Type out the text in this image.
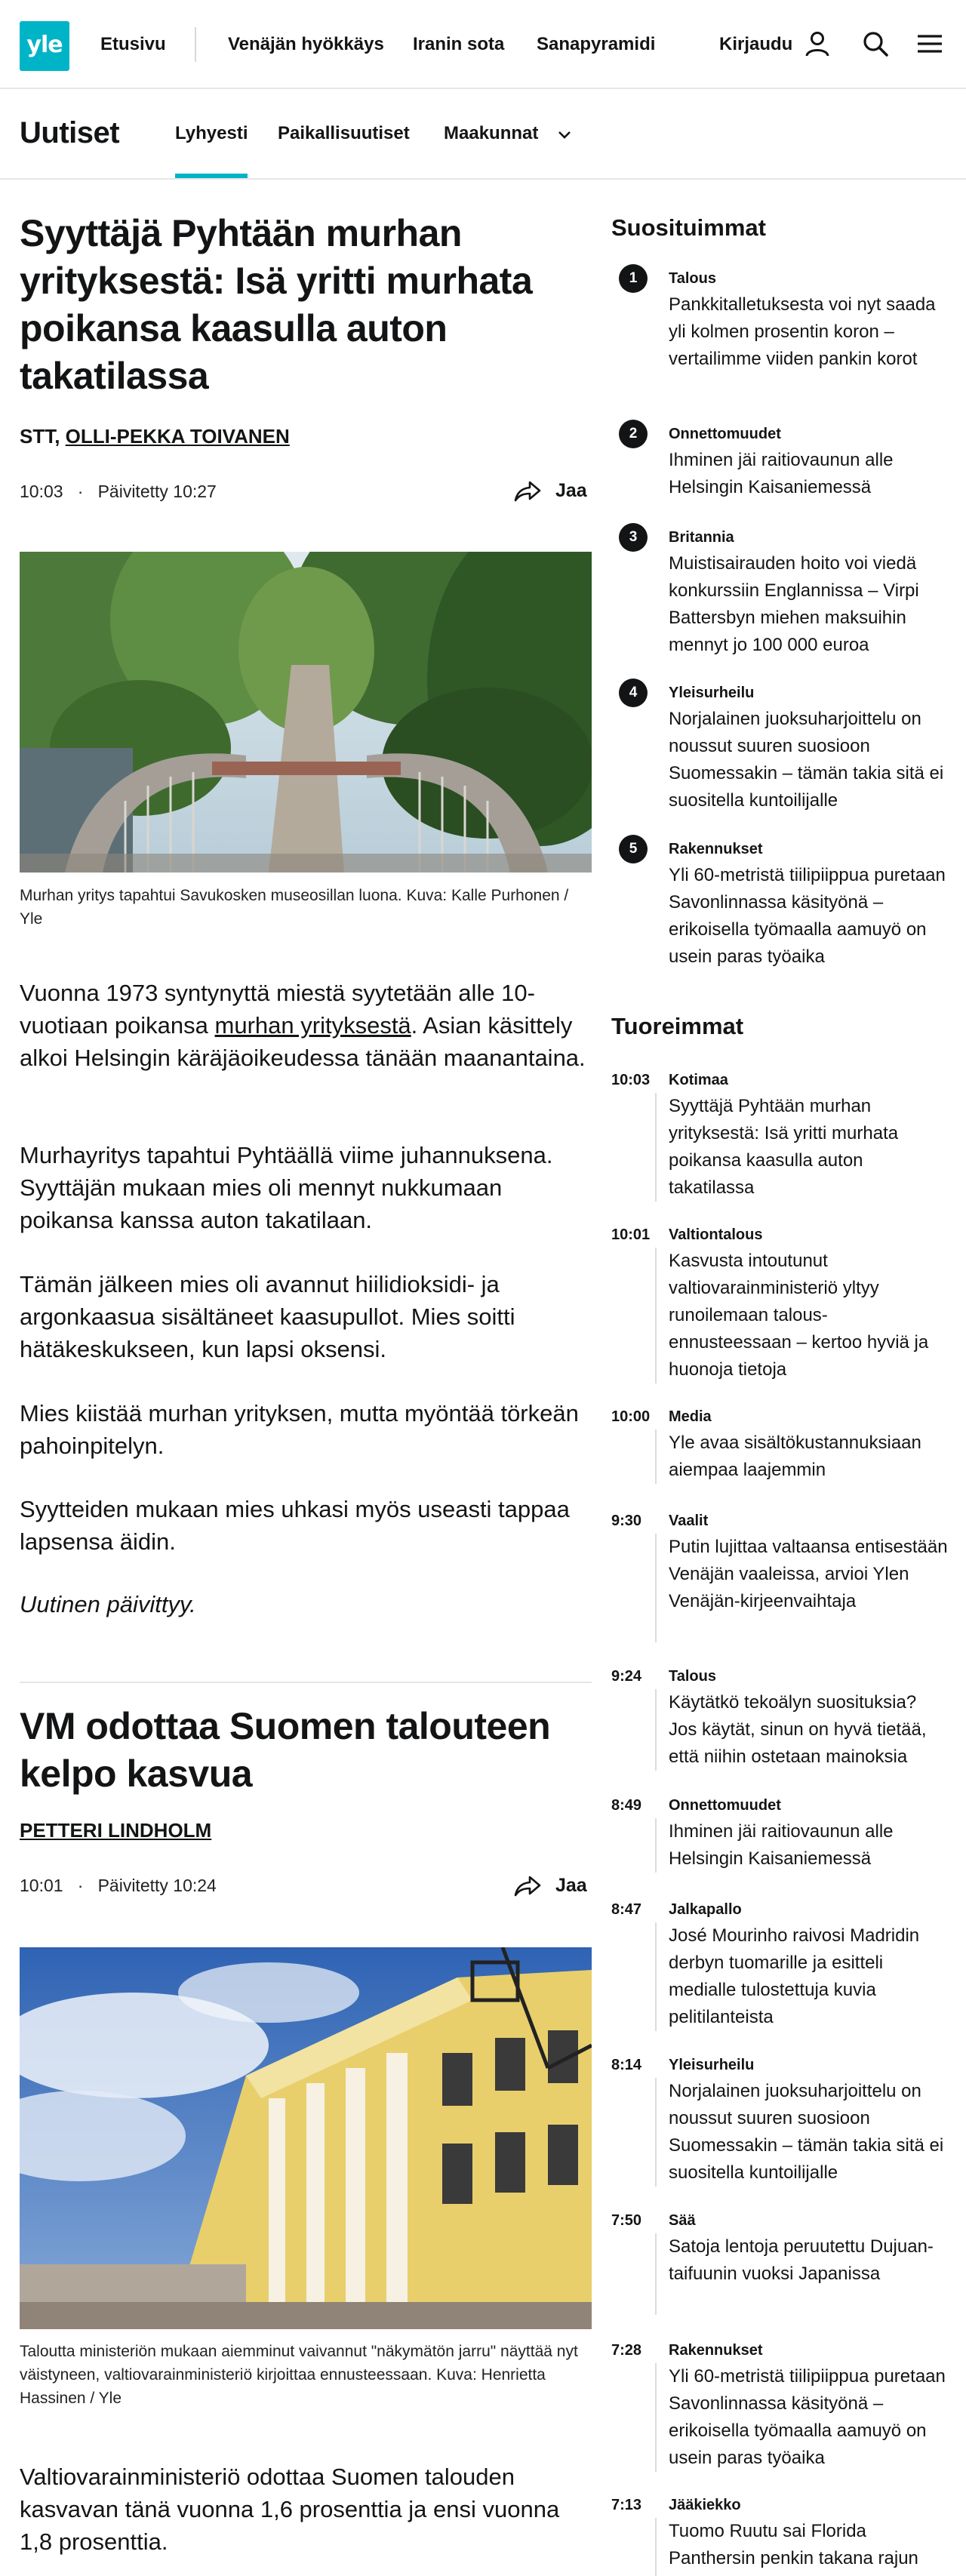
yle	Etusivu	Venäjän hyökkäys Iranin sota Sanapyramidi	Kirjaudu
Uutiset	Lyhyesti Paikallisuutiset Maakunnat
Syyttäjä Pyhtään murhan yrityksestä: Isä yritti murhata poikansa kaasulla auton takatilassa
STT, OLLI-PEKKA TOIVANEN
10:03   ·   Päivitetty 10:27	Jaa
Murhan yritys tapahtui Savukosken museosillan luona. Kuva: Kalle Purhonen / Yle

Vuonna 1973 syntynyttä miestä syytetään alle 10-vuotiaan poikansa murhan yrityksestä. Asian käsittely alkoi Helsingin käräjäoikeudessa tänään maanantaina.

Murhayritys tapahtui Pyhtäällä viime juhannuksena. Syyttäjän mukaan mies oli mennyt nukkumaan poikansa kanssa auton takatilaan.

Tämän jälkeen mies oli avannut hiilidioksidi- ja argonkaasua sisältäneet kaasupullot. Mies soitti hätäkeskukseen, kun lapsi oksensi.

Mies kiistää murhan yrityksen, mutta myöntää törkeän pahoinpitelyn.

Syytteiden mukaan mies uhkasi myös useasti tappaa lapsensa äidin.

Uutinen päivittyy.

VM odottaa Suomen talouteen kelpo kasvua
PETTERI LINDHOLM
10:01   ·   Päivitetty 10:24	Jaa
Taloutta ministeriön mukaan aiemminut vaivannut "näkymätön jarru" näyttää nyt väistyneen, valtiovarainministeriö kirjoittaa ennusteessaan. Kuva: Henrietta Hassinen / Yle

Valtiovarainministeriö odottaa Suomen talouden kasvavan tänä vuonna 1,6 prosenttia ja ensi vuonna 1,8 prosenttia.

Suosituimmat
1	Talous
Pankkitalletuksesta voi nyt saada yli kolmen prosentin koron – vertailimme viiden pankin korot
2	Onnettomuudet
Ihminen jäi raitiovaunun alle Helsingin Kaisaniemessä
3	Britannia
Muistisairauden hoito voi viedä konkurssiin Englannissa – Virpi Battersbyn miehen maksuihin mennyt jo 100 000 euroa
4	Yleisurheilu
Norjalainen juoksuharjoittelu on noussut suuren suosioon Suomessakin – tämän takia sitä ei suositella kuntoilijalle
5	Rakennukset
Yli 60-metristä tiilipiippua puretaan Savonlinnassa käsityönä – erikoisella työmaalla aamuyö on usein paras työaika
Tuoreimmat
10:03	Kotimaa
Syyttäjä Pyhtään murhan yrityksestä: Isä yritti murhata poikansa kaasulla auton takatilassa
10:01	Valtiontalous
Kasvusta intoutunut valtiovarainministeriö yltyy runoilemaan talous-ennusteessaan – kertoo hyviä ja huonoja tietoja
10:00	Media
Yle avaa sisältökustannuksiaan aiempaa laajemmin
9:30	Vaalit
Putin lujittaa valtaansa entisestään Venäjän vaaleissa, arvioi Ylen Venäjän-kirjeenvaihtaja
9:24	Talous
Käytätkö tekoälyn suosituksia? Jos käytät, sinun on hyvä tietää, että niihin ostetaan mainoksia
8:49	Onnettomuudet
Ihminen jäi raitiovaunun alle Helsingin Kaisaniemessä
8:47	Jalkapallo
José Mourinho raivosi Madridin derbyn tuomarille ja esitteli medialle tulostettuja kuvia pelitilanteista
8:14	Yleisurheilu
Norjalainen juoksuharjoittelu on noussut suuren suosioon Suomessakin – tämän takia sitä ei suositella kuntoilijalle
7:50	Sää
Satoja lentoja peruutettu Dujuan-taifuunin vuoksi Japanissa
7:28	Rakennukset
Yli 60-metristä tiilipiippua puretaan Savonlinnassa käsityönä – erikoisella työmaalla aamuyö on usein paras työaika
7:13	Jääkiekko
Tuomo Ruutu sai Florida Panthersin penkin takana rajun
